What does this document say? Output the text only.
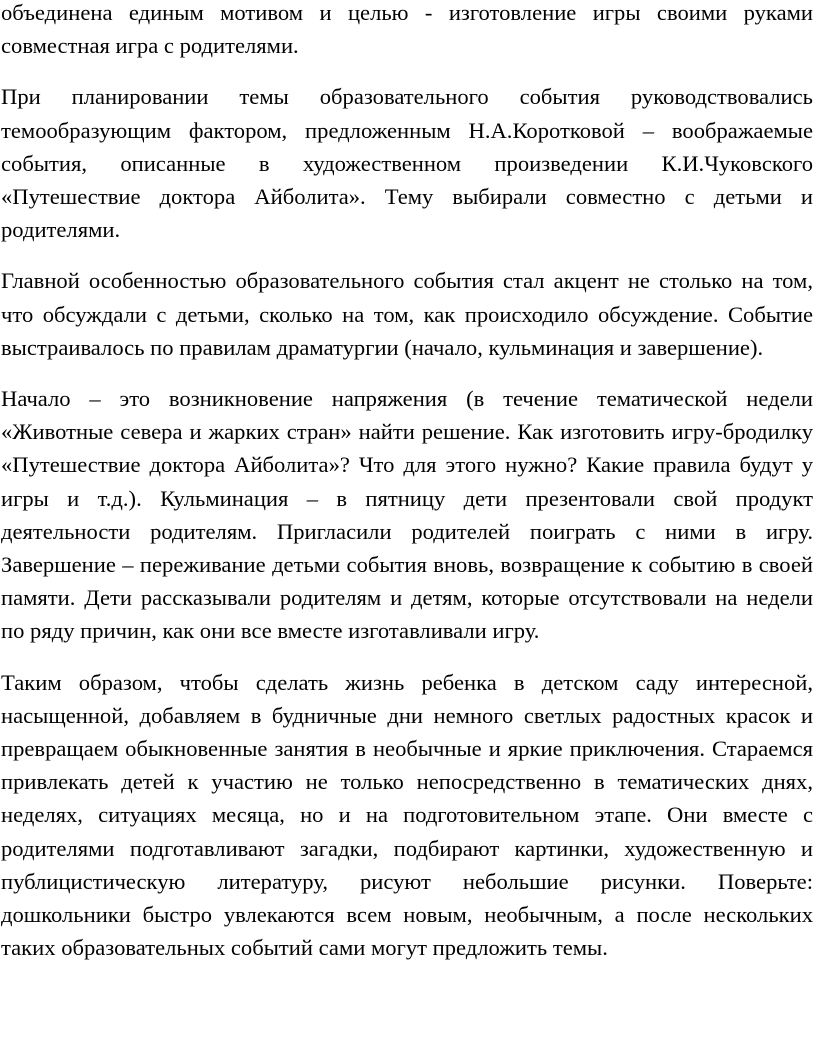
объединена единым мотивом и целью - изготовление игры своими руками совместная игра с родителями.

При планировании темы образовательного события руководствовались темообразующим фактором, предложенным Н.А.Коротковой – воображаемые события, описанные в художественном произведении К.И.Чуковского «Путешествие доктора Айболита». Тему выбирали совместно с детьми и родителями.

Главной особенностью образовательного события стал акцент не столько на том, что обсуждали с детьми, сколько на том, как происходило обсуждение. Событие выстраивалось по правилам драматургии (начало, кульминация и завершение).

Начало – это возникновение напряжения (в течение тематической недели «Животные севера и жарких стран» найти решение. Как изготовить игру-бродилку «Путешествие доктора Айболита»? Что для этого нужно? Какие правила будут у игры и т.д.). Кульминация – в пятницу дети презентовали свой продукт деятельности родителям. Пригласили родителей поиграть с ними в игру. Завершение – переживание детьми события вновь, возвращение к событию в своей памяти. Дети рассказывали родителям и детям, которые отсутствовали на недели по ряду причин, как они все вместе изготавливали игру.

Таким образом, чтобы сделать жизнь ребенка в детском саду интересной, насыщенной, добавляем в будничные дни немного светлых радостных красок и превращаем обыкновенные занятия в необычные и яркие приключения. Стараемся привлекать детей к участию не только непосредственно в тематических днях, неделях, ситуациях месяца, но и на подготовительном этапе. Они вместе с родителями подготавливают загадки, подбирают картинки, художественную и публицистическую литературу, рисуют небольшие рисунки. Поверьте: дошкольники быстро увлекаются всем новым, необычным, а после нескольких таких образовательных событий сами могут предложить темы.
